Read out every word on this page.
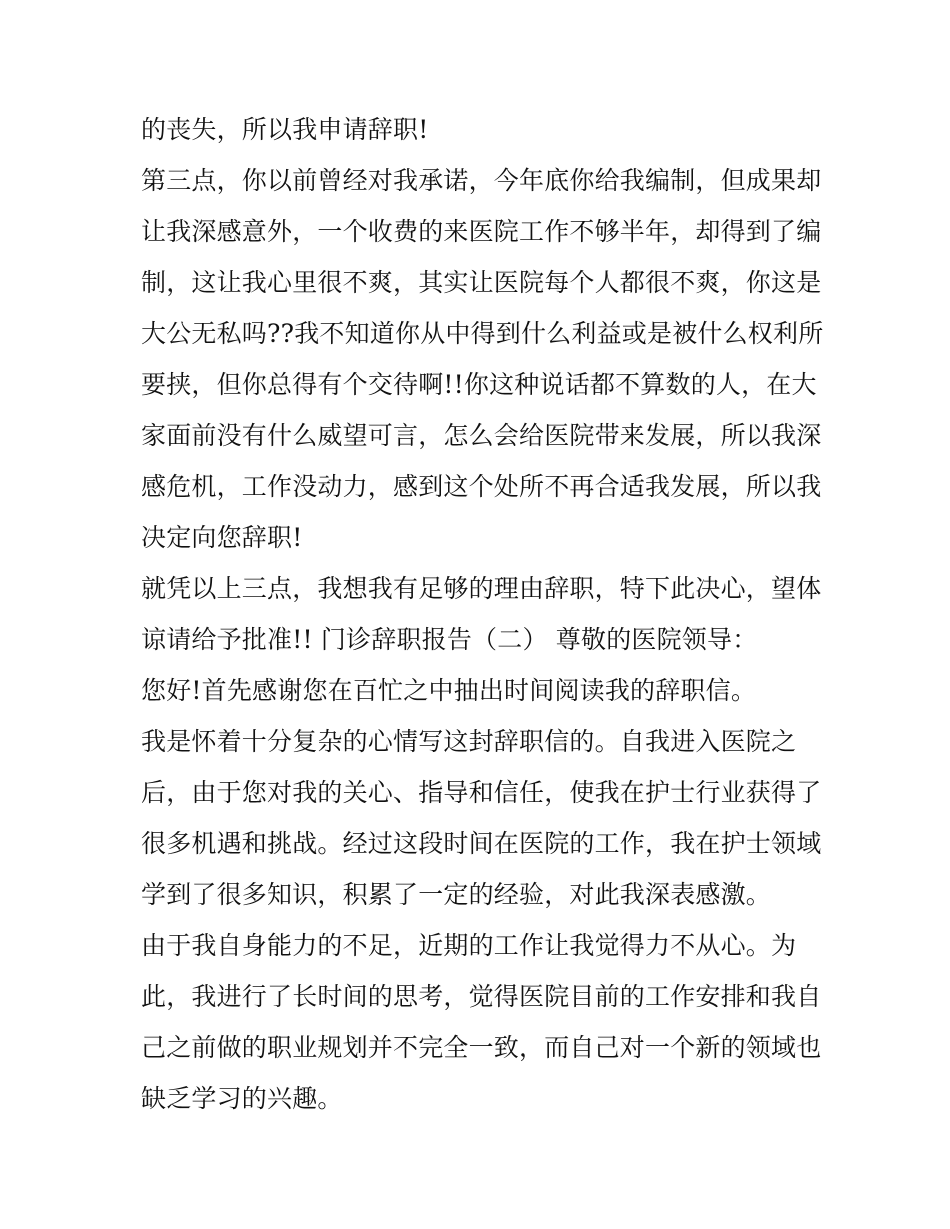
的丧失，所以我申请辞职!
第三点，你以前曾经对我承诺，今年底你给我编制，但成果却
让我深感意外，一个收费的来医院工作不够半年，却得到了编
制，这让我心里很不爽，其实让医院每个人都很不爽，你这是
大公无私吗??我不知道你从中得到什么利益或是被什么权利所
要挟，但你总得有个交待啊!!你这种说话都不算数的人，在大
家面前没有什么威望可言，怎么会给医院带来发展，所以我深
感危机，工作没动力，感到这个处所不再合适我发展，所以我
决定向您辞职!
就凭以上三点，我想我有足够的理由辞职，特下此决心，望体
谅请给予批准!! 门诊辞职报告（二） 尊敬的医院领导：
您好!首先感谢您在百忙之中抽出时间阅读我的辞职信。
我是怀着十分复杂的心情写这封辞职信的。自我进入医院之
后，由于您对我的关心、指导和信任，使我在护士行业获得了
很多机遇和挑战。经过这段时间在医院的工作，我在护士领域
学到了很多知识，积累了一定的经验，对此我深表感激。
由于我自身能力的不足，近期的工作让我觉得力不从心。为
此，我进行了长时间的思考，觉得医院目前的工作安排和我自
己之前做的职业规划并不完全一致，而自己对一个新的领域也
缺乏学习的兴趣。
